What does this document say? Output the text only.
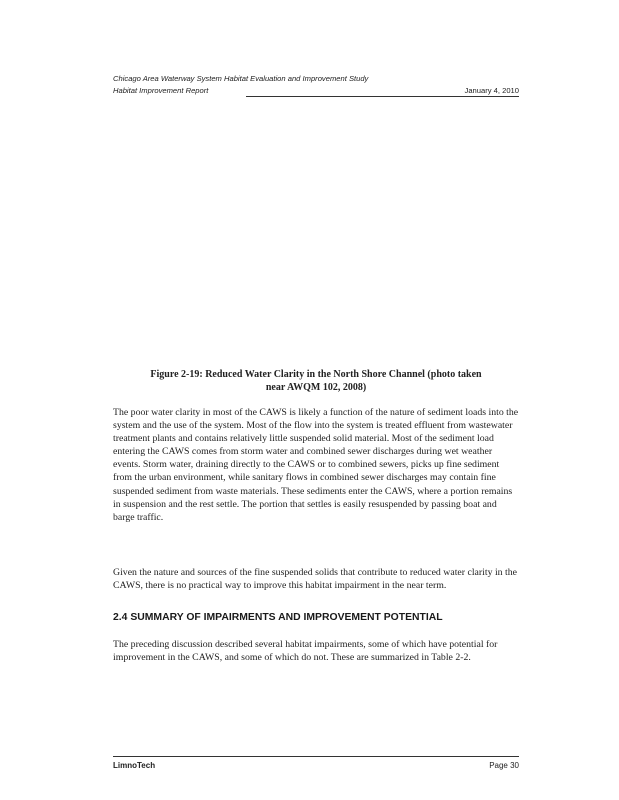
Chicago Area Waterway System Habitat Evaluation and Improvement Study
Habitat Improvement Report	January 4, 2010
Figure 2-19: Reduced Water Clarity in the North Shore Channel (photo taken
near AWQM 102, 2008)

The poor water clarity in most of the CAWS is likely a function of the nature of sediment loads into the system and the use of the system. Most of the flow into the system is treated effluent from wastewater treatment plants and contains relatively little suspended solid material. Most of the sediment load entering the CAWS comes from storm water and combined sewer discharges during wet weather events. Storm water, draining directly to the CAWS or to combined sewers, picks up fine sediment from the urban environment, while sanitary flows in combined sewer discharges may contain fine suspended sediment from waste materials. These sediments enter the CAWS, where a portion remains in suspension and the rest settle. The portion that settles is easily resuspended by passing boat and barge traffic.

Given the nature and sources of the fine suspended solids that contribute to reduced water clarity in the CAWS, there is no practical way to improve this habitat impairment in the near term.

2.4 SUMMARY OF IMPAIRMENTS AND IMPROVEMENT POTENTIAL

The preceding discussion described several habitat impairments, some of which have potential for improvement in the CAWS, and some of which do not. These are summarized in Table 2-2.

LimnoTech	Page 30
